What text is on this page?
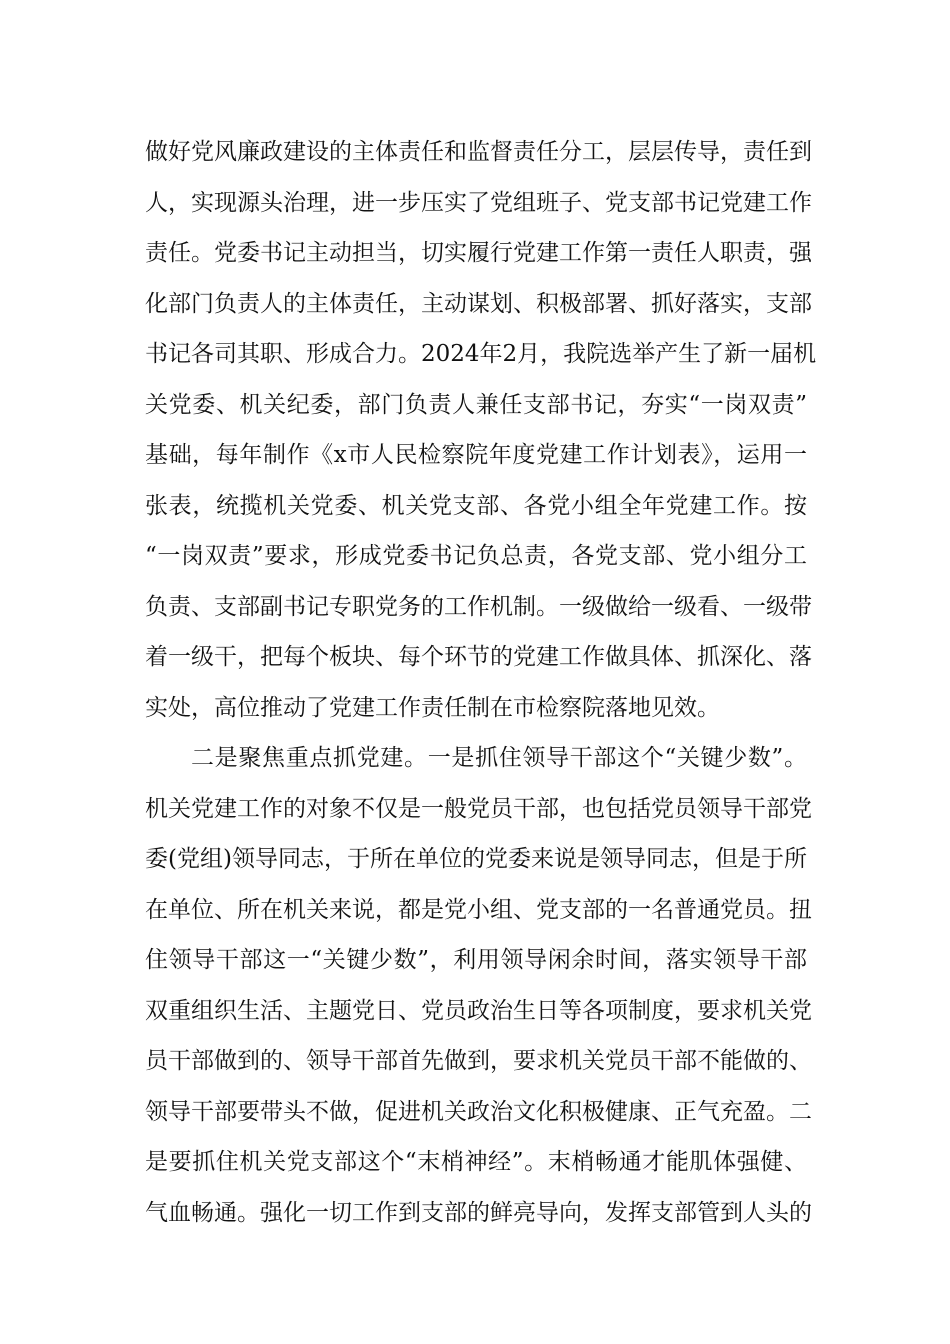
做好党风廉政建设的主体责任和监督责任分工，层层传导，责任到
人，实现源头治理，进一步压实了党组班子、党支部书记党建工作
责任。党委书记主动担当，切实履行党建工作第一责任人职责，强
化部门负责人的主体责任，主动谋划、积极部署、抓好落实，支部
书记各司其职、形成合力。2024年2月，我院选举产生了新一届机
关党委、机关纪委，部门负责人兼任支部书记，夯实“一岗双责”
基础，每年制作《x市人民检察院年度党建工作计划表》，运用一
张表，统揽机关党委、机关党支部、各党小组全年党建工作。按
“一岗双责”要求，形成党委书记负总责，各党支部、党小组分工
负责、支部副书记专职党务的工作机制。一级做给一级看、一级带
着一级干，把每个板块、每个环节的党建工作做具体、抓深化、落
实处，高位推动了党建工作责任制在市检察院落地见效。
二是聚焦重点抓党建。一是抓住领导干部这个“关键少数”。
机关党建工作的对象不仅是一般党员干部，也包括党员领导干部党
委(党组)领导同志，于所在单位的党委来说是领导同志，但是于所
在单位、所在机关来说，都是党小组、党支部的一名普通党员。扭
住领导干部这一“关键少数”，利用领导闲余时间，落实领导干部
双重组织生活、主题党日、党员政治生日等各项制度，要求机关党
员干部做到的、领导干部首先做到，要求机关党员干部不能做的、
领导干部要带头不做，促进机关政治文化积极健康、正气充盈。二
是要抓住机关党支部这个“末梢神经”。末梢畅通才能肌体强健、
气血畅通。强化一切工作到支部的鲜亮导向，发挥支部管到人头的
